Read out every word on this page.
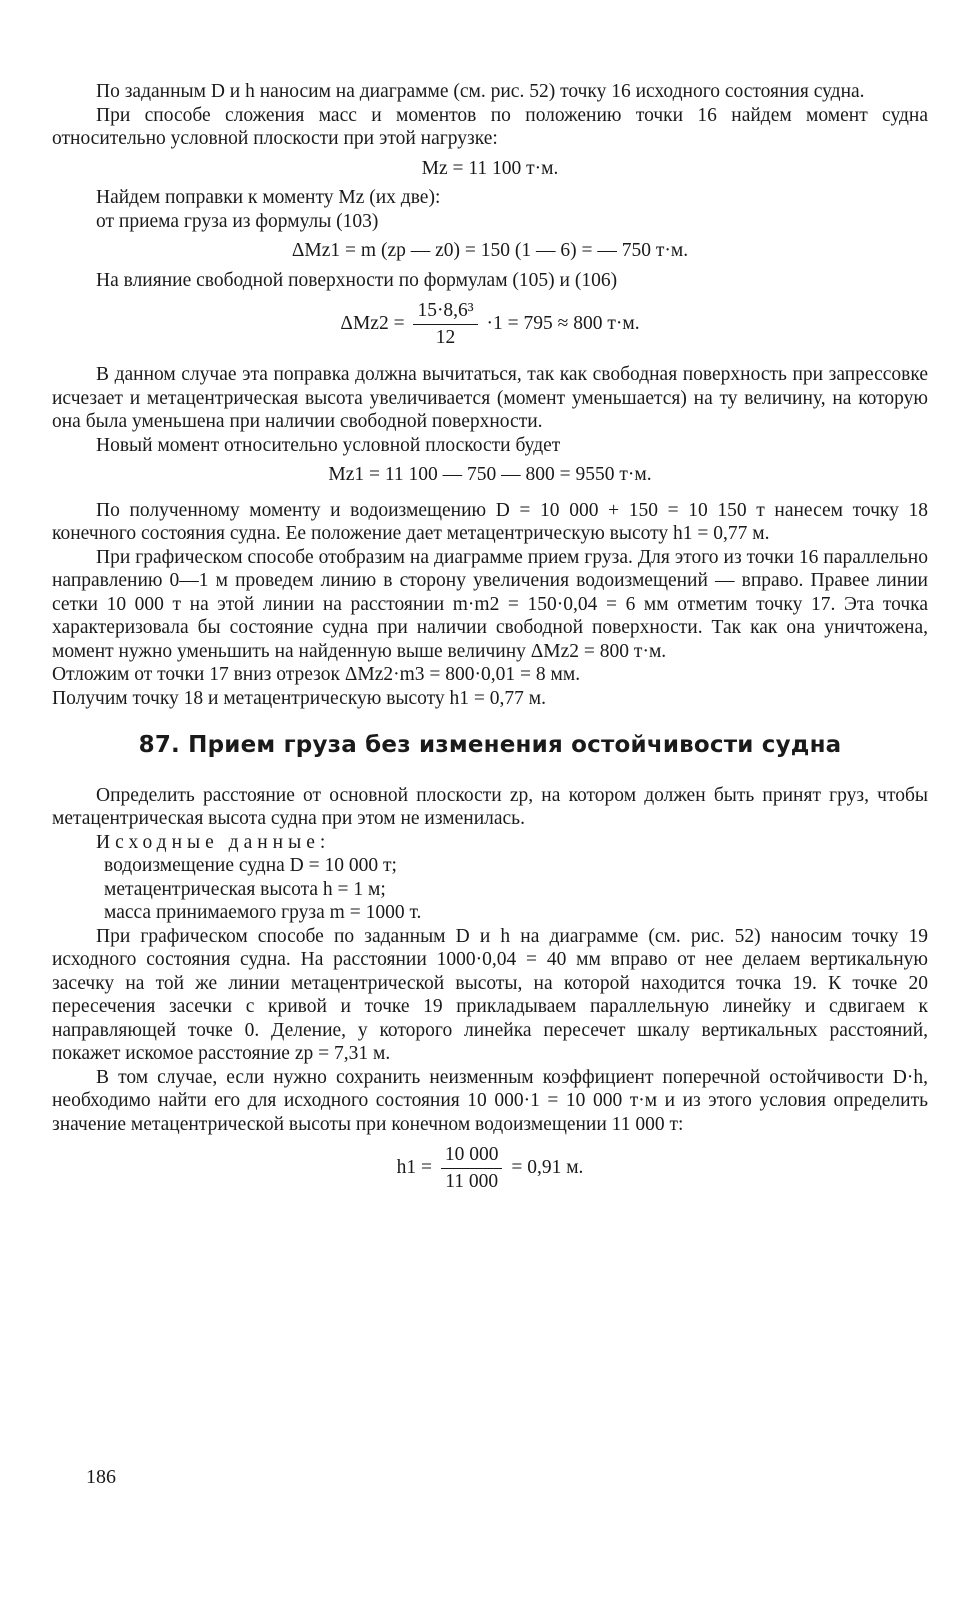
По заданным D и h наносим на диаграмме (см. рис. 52) точку 16 исходного состояния судна.

При способе сложения масс и моментов по положению точки 16 найдем момент судна относительно условной плоскости при этой нагрузке:

Mz = 11 100 т·м.

Найдем поправки к моменту Mz (их две):

от приема груза из формулы (103)

ΔMz1 = m (zp — z0) = 150 (1 — 6) = — 750 т·м.

На влияние свободной поверхности по формулам (105) и (106)

$\Delta Mz2 = \frac{\text{15·8,6³}}{12} \cdot 1 = 795 \approx 800$ т·м.

В данном случае эта поправка должна вычитаться, так как свободная поверхность при запрессовке исчезает и метацентрическая высота увеличивается (момент уменьшается) на ту величину, на которую она была уменьшена при наличии свободной поверхности.

Новый момент относительно условной плоскости будет

Mz1 = 11 100 — 750 — 800 = 9550 т·м.

По полученному моменту и водоизмещению D = 10 000 + 150 = 10 150 т нанесем точку 18 конечного состояния судна. Ее положение дает метацентрическую высоту h1 = 0,77 м.

При графическом способе отобразим на диаграмме прием груза. Для этого из точки 16 параллельно направлению 0—1 м проведем линию в сторону увеличения водоизмещений — вправо. Правее линии сетки 10 000 т на этой линии на расстоянии m·m2 = 150·0,04 = 6 мм отметим точку 17. Эта точка характеризовала бы состояние судна при наличии свободной поверхности. Так как она уничтожена, момент нужно уменьшить на найденную выше величину ΔMz2 = 800 т·м.

Отложим от точки 17 вниз отрезок ΔMz2·m3 = 800·0,01 = 8 мм.

Получим точку 18 и метацентрическую высоту h1 = 0,77 м.

87. Прием груза без изменения остойчивости судна

Определить расстояние от основной плоскости zp, на котором должен быть принят груз, чтобы метацентрическая высота судна при этом не изменилась.

Исходные данные:

водоизмещение судна D = 10 000 т;

метацентрическая высота h = 1 м;

масса принимаемого груза m = 1000 т.

При графическом способе по заданным D и h на диаграмме (см. рис. 52) наносим точку 19 исходного состояния судна. На расстоянии 1000·0,04 = 40 мм вправо от нее делаем вертикальную засечку на той же линии метацентрической высоты, на которой находится точка 19. К точке 20 пересечения засечки с кривой и точке 19 прикладываем параллельную линейку и сдвигаем к направляющей точке 0. Деление, у которого линейка пересечет шкалу вертикальных расстояний, покажет искомое расстояние zp = 7,31 м.

В том случае, если нужно сохранить неизменным коэффициент поперечной остойчивости D·h, необходимо найти его для исходного состояния 10 000·1 = 10 000 т·м и из этого условия определить значение метацентрической высоты при конечном водоизмещении 11 000 т:

$h1 = \frac{10 000}{11 000} = 0,91$ м.
186
